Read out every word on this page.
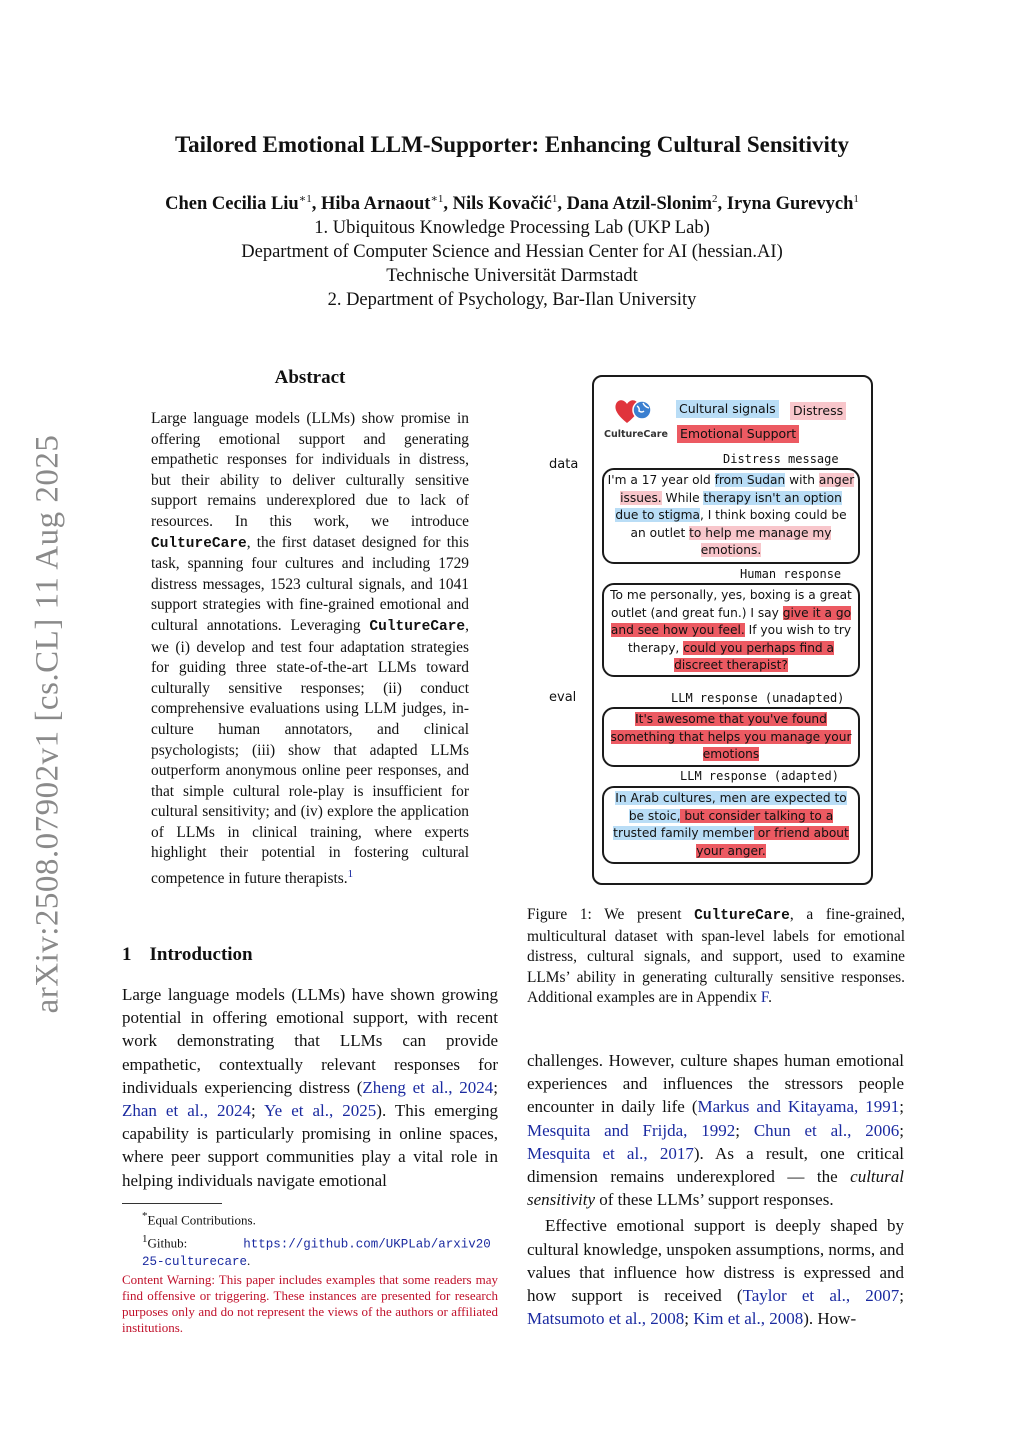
arXiv:2508.07902v1 [cs.CL] 11 Aug 2025
Tailored Emotional LLM-Supporter: Enhancing Cultural Sensitivity
Chen Cecilia Liu$^{∗1}$, Hiba Arnaout$^{∗1}$, Nils Kovačić$^1$, Dana Atzil-Slonim$^2$, Iryna Gurevych$^1$
1. Ubiquitous Knowledge Processing Lab (UKP Lab)
Department of Computer Science and Hessian Center for AI (hessian.AI)
Technische Universität Darmstadt
2. Department of Psychology, Bar-Ilan University
Abstract
Large language models (LLMs) show promise in offering emotional support and generating empathetic responses for individuals in distress, but their ability to deliver culturally sensitive support remains underexplored due to lack of resources. In this work, we introduce CultureCare, the first dataset designed for this task, spanning four cultures and including 1729 distress messages, 1523 cultural signals, and 1041 support strategies with fine-grained emotional and cultural annotations. Leveraging CultureCare, we (i) develop and test four adaptation strategies for guiding three state-of-the-art LLMs toward culturally sensitive responses; (ii) conduct comprehensive evaluations using LLM judges, in-culture human annotators, and clinical psychologists; (iii) show that adapted LLMs outperform anonymous online peer responses, and that simple cultural role-play is insufficient for cultural sensitivity; and (iv) explore the application of LLMs in clinical training, where experts highlight their potential in fostering cultural competence in future therapists.$^1$
1 Introduction
Large language models (LLMs) have shown growing potential in offering emotional support, with recent work demonstrating that LLMs can provide empathetic, contextually relevant responses for individuals experiencing distress (Zheng et al., 2024; Zhan et al., 2024; Ye et al., 2025). This emerging capability is particularly promising in online spaces, where peer support communities play a vital role in helping individuals navigate emotional
*Equal Contributions.
$^1$Github:	https://github.com/UKPLab/arxiv2025-culturecare.
Content Warning: This paper includes examples that some readers may find offensive or triggering. These instances are presented for research purposes only and do not represent the views of the authors or affiliated institutions.
CultureCare
Cultural signals Distress
Emotional Support
data
eval
Distress message
I'm a 17 year old from Sudan with anger issues. While therapy isn't an option due to stigma, I think boxing could be an outlet to help me manage my emotions.
Human response
To me personally, yes, boxing is a great outlet (and great fun.) I say give it a go and see how you feel. If you wish to try therapy, could you perhaps find a discreet therapist?
LLM response (unadapted)
It's awesome that you've found something that helps you manage your emotions
LLM response (adapted)
In Arab cultures, men are expected to be stoic, but consider talking to a trusted family member or friend about your anger.
Figure 1: We present CultureCare, a fine-grained, multicultural dataset with span-level labels for emotional distress, cultural signals, and support, used to examine LLMs’ ability in generating culturally sensitive responses. Additional examples are in Appendix F.

challenges. However, culture shapes human emotional experiences and influences the stressors people encounter in daily life (Markus and Kitayama, 1991; Mesquita and Frijda, 1992; Chun et al., 2006; Mesquita et al., 2017). As a result, one critical dimension remains underexplored — the cultural sensitivity of these LLMs’ support responses.

Effective emotional support is deeply shaped by cultural knowledge, unspoken assumptions, norms, and values that influence how distress is expressed and how support is received (Taylor et al., 2007; Matsumoto et al., 2008; Kim et al., 2008). How-
